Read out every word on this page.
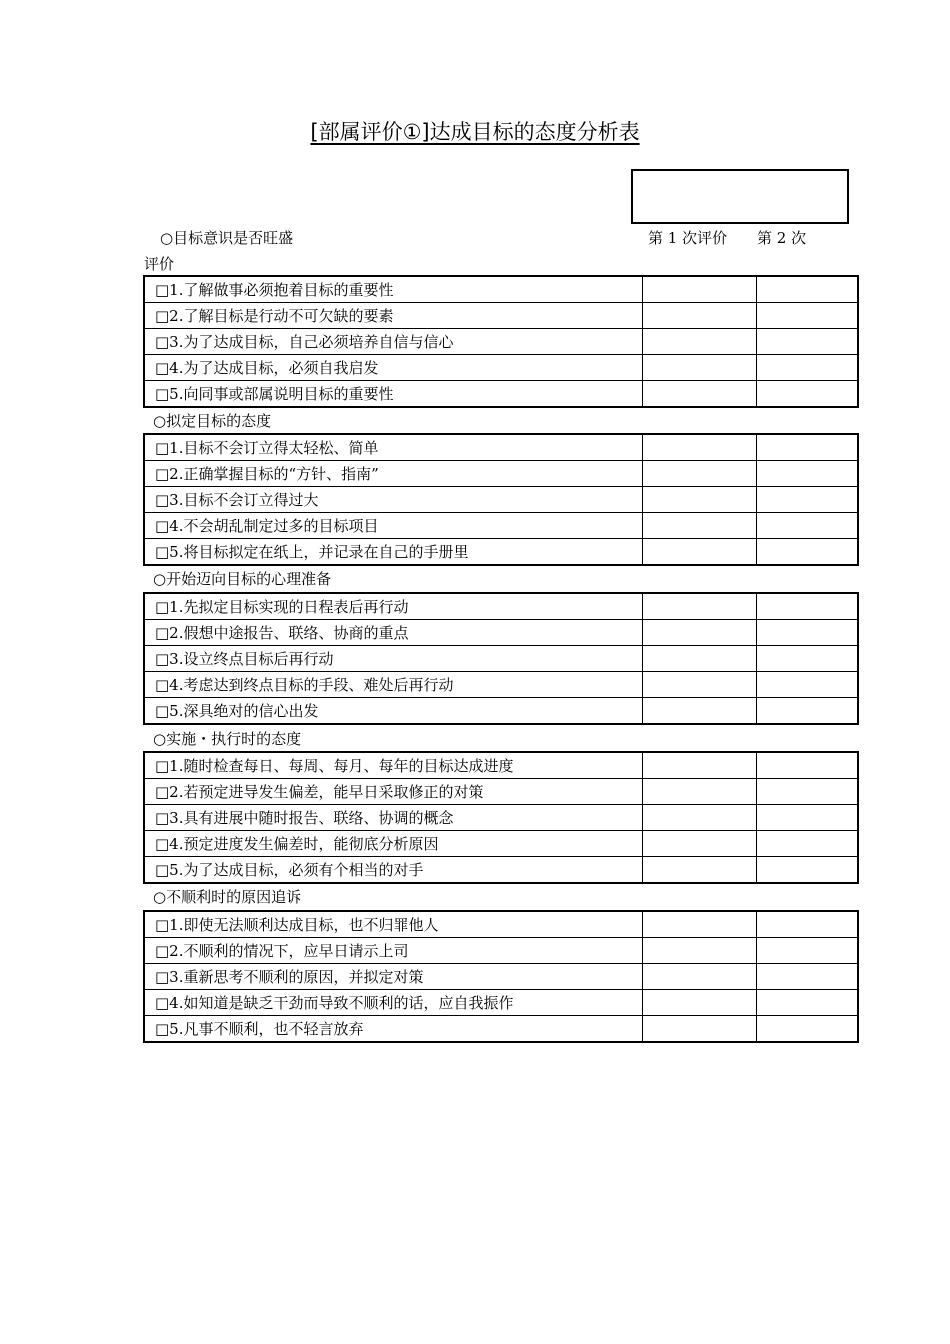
[部属评价①]达成目标的态度分析表
○目标意识是否旺盛	第 1 次评价 第 2 次
评价
□1.了解做事必须抱着目标的重要性		
□2.了解目标是行动不可欠缺的要素		
□3.为了达成目标，自己必须培养自信与信心		
□4.为了达成目标，必须自我启发		
□5.向同事或部属说明目标的重要性		
○拟定目标的态度
□1.目标不会订立得太轻松、简单		
□2.正确掌握目标的“方针、指南”		
□3.目标不会订立得过大		
□4.不会胡乱制定过多的目标项目		
□5.将目标拟定在纸上，并记录在自己的手册里		
○开始迈向目标的心理准备
□1.先拟定目标实现的日程表后再行动		
□2.假想中途报告、联络、协商的重点		
□3.设立终点目标后再行动		
□4.考虑达到终点目标的手段、难处后再行动		
□5.深具绝对的信心出发		
○实施・执行时的态度
□1.随时检查每日、每周、每月、每年的目标达成进度		
□2.若预定进导发生偏差，能早日采取修正的对策		
□3.具有进展中随时报告、联络、协调的概念		
□4.预定进度发生偏差时，能彻底分析原因		
□5.为了达成目标，必须有个相当的对手		
○不顺利时的原因追诉
□1.即使无法顺利达成目标，也不归罪他人		
□2.不顺利的情况下，应早日请示上司		
□3.重新思考不顺利的原因，并拟定对策		
□4.如知道是缺乏干劲而导致不顺利的话，应自我振作		
□5.凡事不顺利，也不轻言放弃		
